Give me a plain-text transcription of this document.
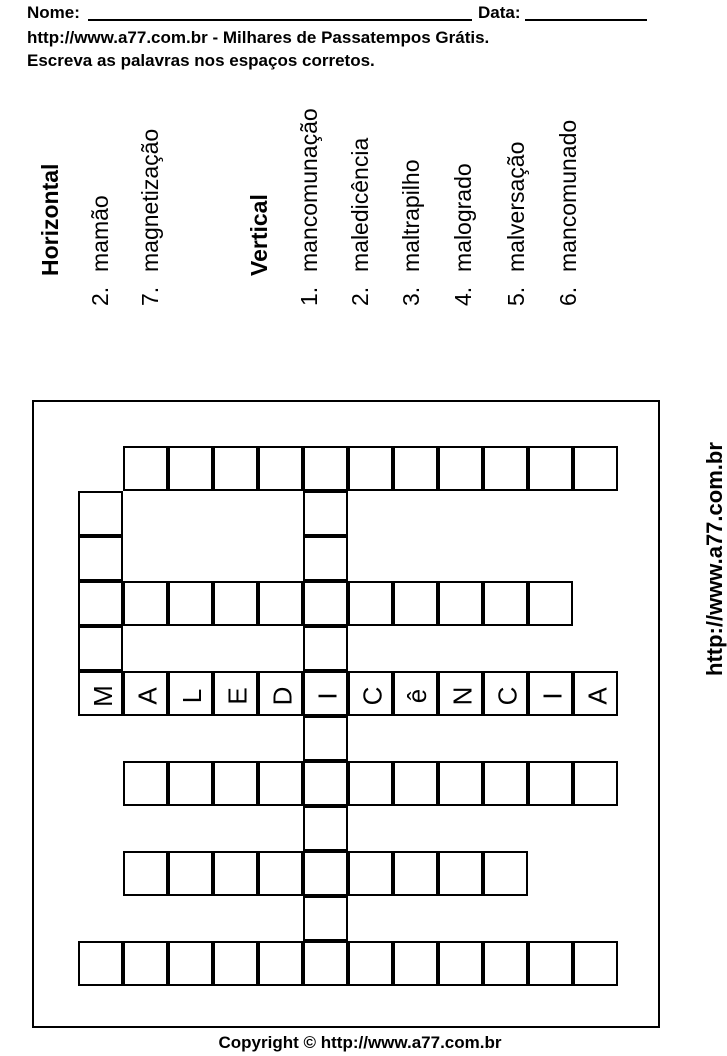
Nome:	Data:
http://www.a77.com.br - Milhares de Passatempos Grátis.
Escreva as palavras nos espaços corretos.
Horizontal
2.mamão
7.magnetização	Vertical
1.mancomunação
2.maledicência
3.maltrapilho
4.malogrado
5.malversação
6.mancomunado
M A L E D I C ê N C I A
http://www.a77.com.br
Copyright © http://www.a77.com.br
